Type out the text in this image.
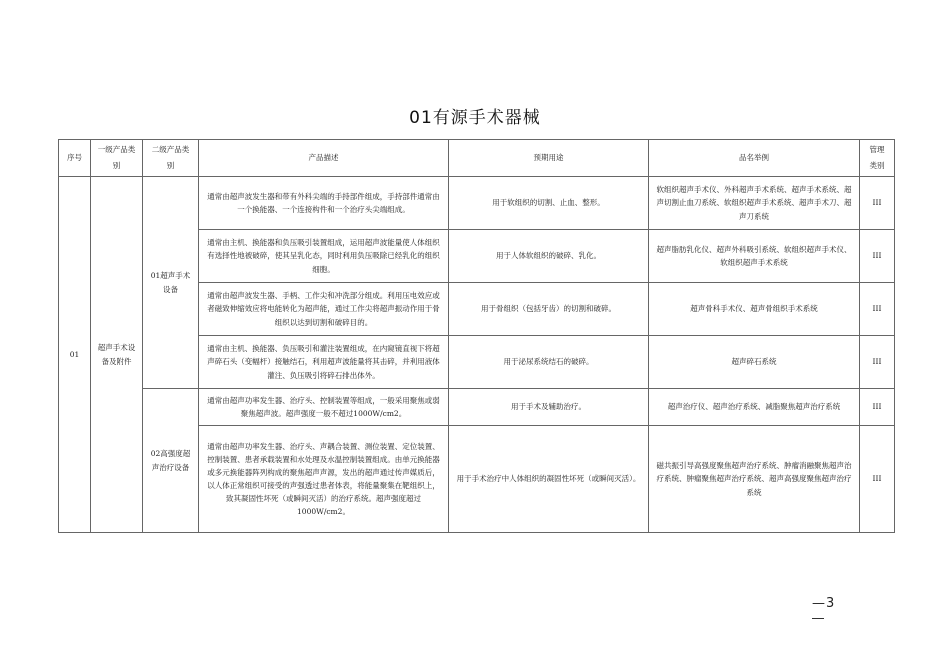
01有源手术器械
序号	一级产品类别	二级产品类别	产品描述	预期用途	品名举例	管理类别
01	超声手术设备及附件	01超声手术设备	通常由超声波发生器和带有外科尖端的手持部件组成，手持部件通常由一个换能器、一个连接构件和一个治疗头尖端组成。	用于软组织的切割、止血、整形。	软组织超声手术仪、外科超声手术系统、超声手术系统、超声切割止血刀系统、软组织超声手术系统、超声手术刀、超声刀系统	III
			通常由主机、换能器和负压吸引装置组成，运用超声波能量使人体组织有选择性地被破碎，使其呈乳化态，同时利用负压吸除已经乳化的组织细胞。	用于人体软组织的破碎、乳化。	超声脂肪乳化仪、超声外科吸引系统、软组织超声手术仪、软组织超声手术系统	III
			通常由超声波发生器、手柄、工作尖和冲洗部分组成。利用压电效应或者磁致伸缩效应将电能转化为超声能，通过工作尖将超声振动作用于骨组织以达到切割和破碎目的。	用于骨组织（包括牙齿）的切割和破碎。	超声骨科手术仪、超声骨组织手术系统	III
			通常由主机、换能器、负压吸引和灌注装置组成，在内窥镜直视下将超声碎石头（变幅杆）接触结石，利用超声波能量将其击碎，并利用液体灌注、负压吸引将碎石排出体外。	用于泌尿系统结石的破碎。	超声碎石系统	III
		02高强度超声治疗设备	通常由超声功率发生器、治疗头、控制装置等组成，一般采用聚焦或弱聚焦超声波。超声强度一般不超过1000W/cm2。	用于手术及辅助治疗。	超声治疗仪、超声治疗系统、减脂聚焦超声治疗系统	III
			通常由超声功率发生器、治疗头、声耦合装置、测位装置、定位装置、控制装置、患者承载装置和水处理及水温控制装置组成。由单元换能器或多元换能器阵列构成的聚焦超声声源，发出的超声通过传声媒质后，以人体正常组织可接受的声强透过患者体表，将能量聚集在靶组织上，致其凝固性坏死（或瞬间灭活）的治疗系统。超声强度超过1000W/cm2。	用于手术治疗中人体组织的凝固性坏死（或瞬间灭活）。	磁共振引导高强度聚焦超声治疗系统、肿瘤消融聚焦超声治疗系统、肿瘤聚焦超声治疗系统、超声高强度聚焦超声治疗系统	III
—3
